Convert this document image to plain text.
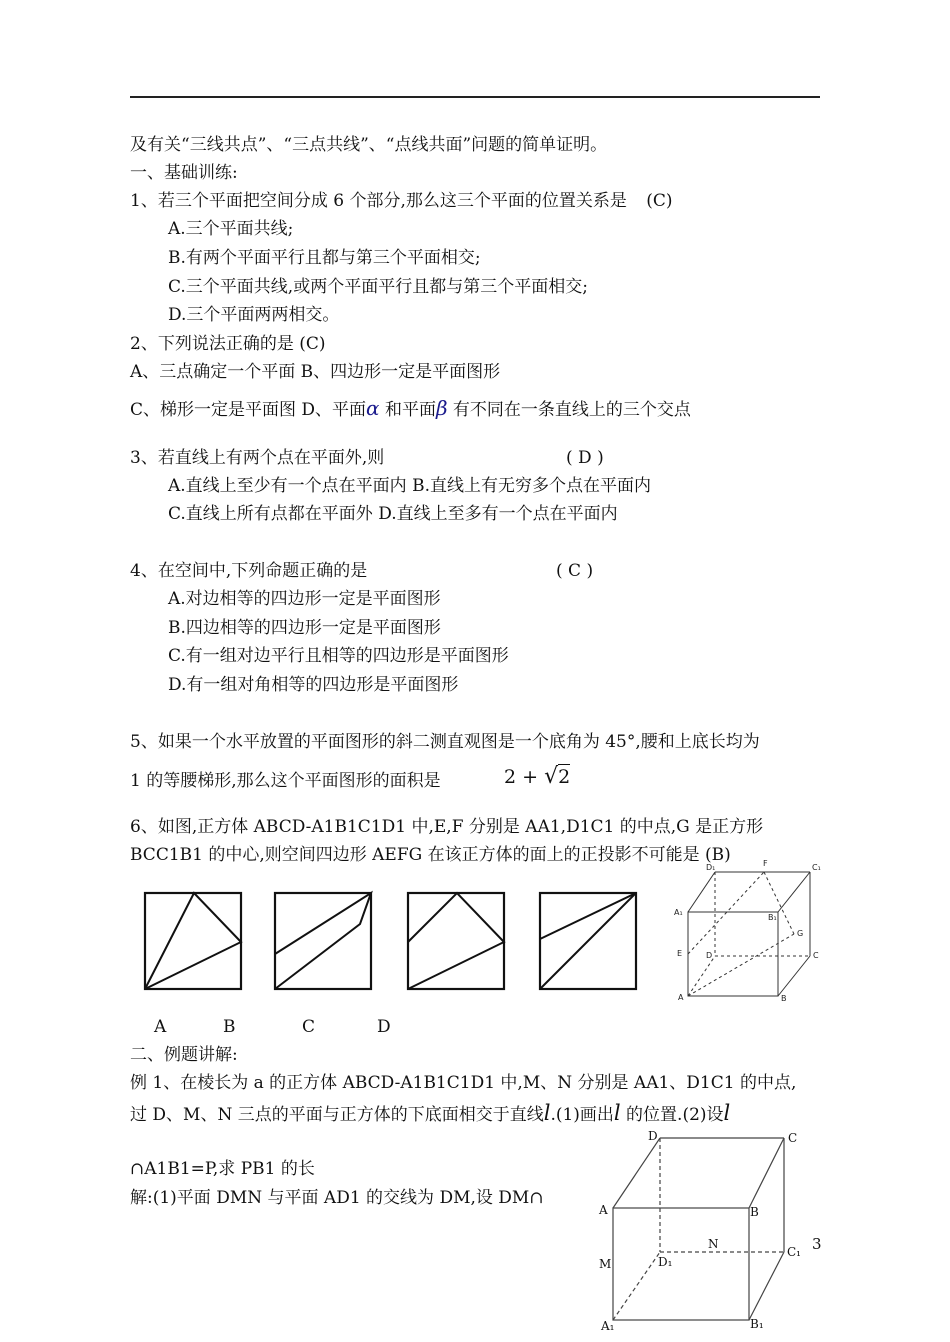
及有关“三线共点”、“三点共线”、“点线共面”问题的简单证明。
一、基础训练:
1、若三个平面把空间分成 6 个部分,那么这三个平面的位置关系是 (C)
A.三个平面共线;
B.有两个平面平行且都与第三个平面相交;
C.三个平面共线,或两个平面平行且都与第三个平面相交;
D.三个平面两两相交。
2、下列说法正确的是 (C)
A、三点确定一个平面 B、四边形一定是平面图形
C、梯形一定是平面图 D、平面α 和平面β 有不同在一条直线上的三个交点
3、若直线上有两个点在平面外,则	( D )
A.直线上至少有一个点在平面内 B.直线上有无穷多个点在平面内
C.直线上所有点都在平面外 D.直线上至多有一个点在平面内
4、在空间中,下列命题正确的是	( C )
A.对边相等的四边形一定是平面图形
B.四边相等的四边形一定是平面图形
C.有一组对边平行且相等的四边形是平面图形
D.有一组对角相等的四边形是平面图形
5、如果一个水平放置的平面图形的斜二测直观图是一个底角为 45°,腰和上底长均为
1 的等腰梯形,那么这个平面图形的面积是	2 + √2
6、如图,正方体 ABCD-A1B1C1D1 中,E,F 分别是 AA1,D1C1 的中点,G 是正方形
BCC1B1 的中心,则空间四边形 AEFG 在该正方体的面上的正投影不可能是 (B)
D₁	F	C₁
A₁
B₁
E	D
G
C
A	B
A	B	C	D
二、例题讲解:
例 1、在棱长为 a 的正方体 ABCD-A1B1C1D1 中,M、N 分别是 AA1、D1C1 的中点,
过 D、M、N 三点的平面与正方体的下底面相交于直线l.(1)画出l 的位置.(2)设l
∩A1B1=P,求 PB1 的长
解:(1)平面 DMN 与平面 AD1 的交线为 DM,设 DM∩
D	C
A	B
N
C₁
M	D₁
A₁	B₁
3
